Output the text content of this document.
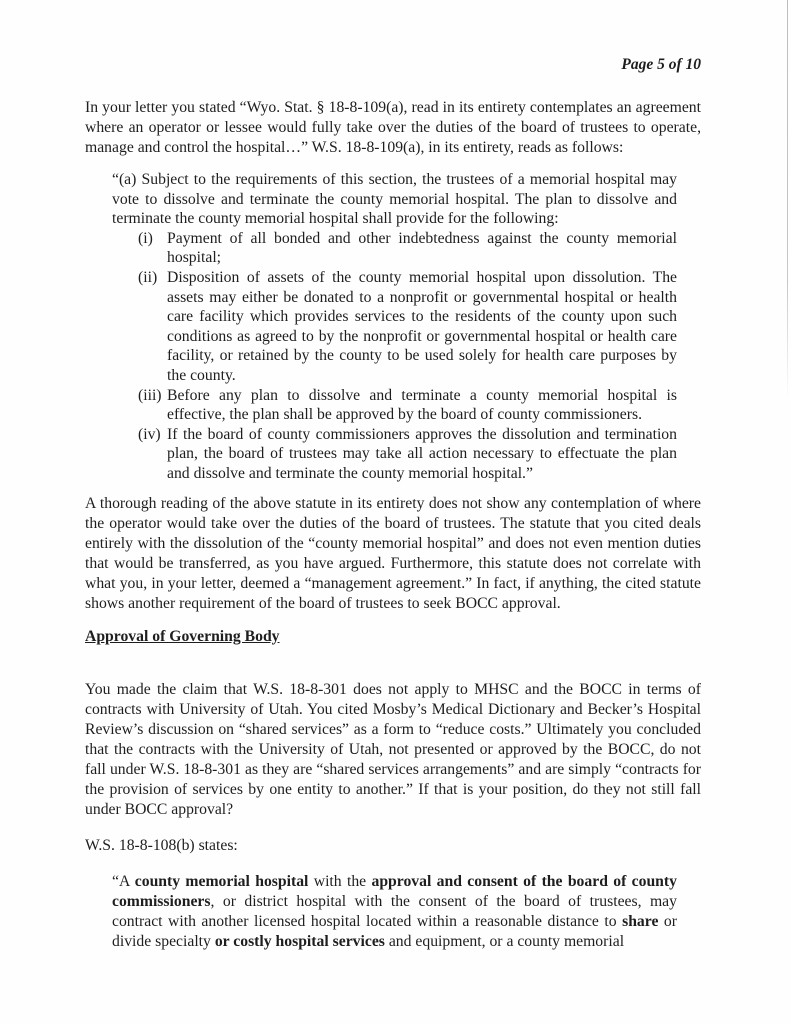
Page 5 of 10

In your letter you stated “Wyo. Stat. § 18-8-109(a), read in its entirety contemplates an agreement where an operator or lessee would fully take over the duties of the board of trustees to operate, manage and control the hospital…” W.S. 18-8-109(a), in its entirety, reads as follows:

“(a) Subject to the requirements of this section, the trustees of a memorial hospital may vote to dissolve and terminate the county memorial hospital. The plan to dissolve and terminate the county memorial hospital shall provide for the following:

(i) Payment of all bonded and other indebtedness against the county memorial hospital;
(ii) Disposition of assets of the county memorial hospital upon dissolution. The assets may either be donated to a nonprofit or governmental hospital or health care facility which provides services to the residents of the county upon such conditions as agreed to by the nonprofit or governmental hospital or health care facility, or retained by the county to be used solely for health care purposes by the county.
(iii) Before any plan to dissolve and terminate a county memorial hospital is effective, the plan shall be approved by the board of county commissioners.
(iv) If the board of county commissioners approves the dissolution and termination plan, the board of trustees may take all action necessary to effectuate the plan and dissolve and terminate the county memorial hospital.”

A thorough reading of the above statute in its entirety does not show any contemplation of where the operator would take over the duties of the board of trustees. The statute that you cited deals entirely with the dissolution of the “county memorial hospital” and does not even mention duties that would be transferred, as you have argued. Furthermore, this statute does not correlate with what you, in your letter, deemed a “management agreement.” In fact, if anything, the cited statute shows another requirement of the board of trustees to seek BOCC approval.

Approval of Governing Body

You made the claim that W.S. 18-8-301 does not apply to MHSC and the BOCC in terms of contracts with University of Utah. You cited Mosby’s Medical Dictionary and Becker’s Hospital Review’s discussion on “shared services” as a form to “reduce costs.” Ultimately you concluded that the contracts with the University of Utah, not presented or approved by the BOCC, do not fall under W.S. 18-8-301 as they are “shared services arrangements” and are simply “contracts for the provision of services by one entity to another.” If that is your position, do they not still fall under BOCC approval?

W.S. 18-8-108(b) states:

“A county memorial hospital with the approval and consent of the board of county commissioners, or district hospital with the consent of the board of trustees, may contract with another licensed hospital located within a reasonable distance to share or divide specialty or costly hospital services and equipment, or a county memorial
